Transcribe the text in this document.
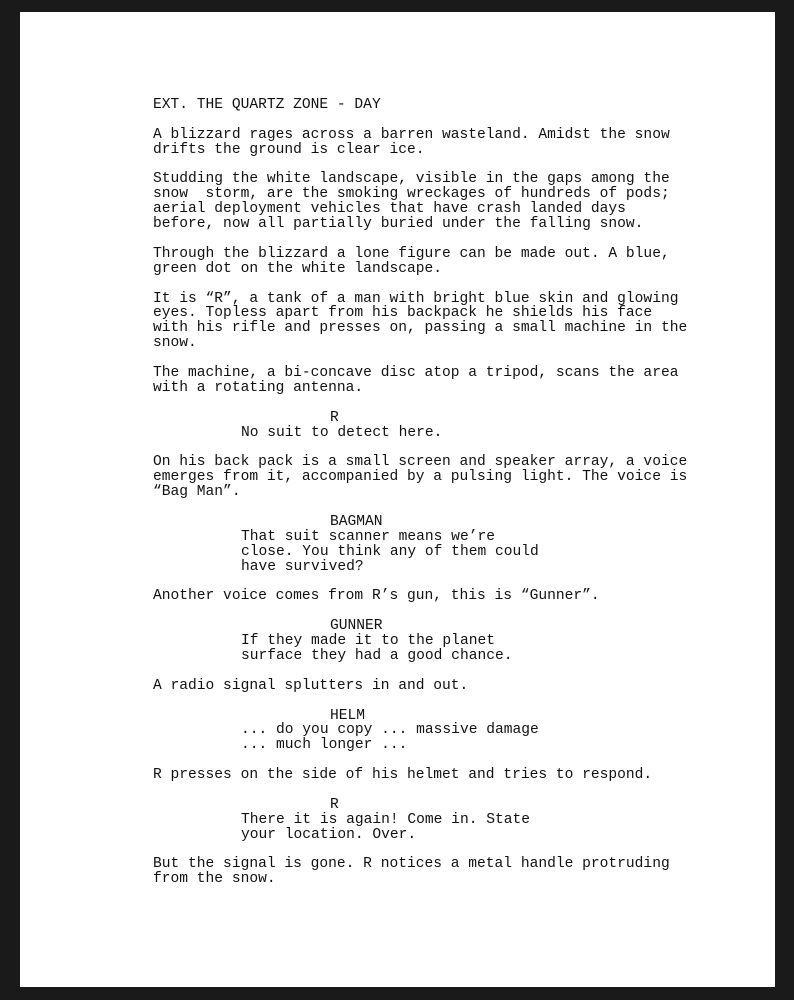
EXT. THE QUARTZ ZONE - DAY
A blizzard rages across a barren wasteland. Amidst the snow
drifts the ground is clear ice.
Studding the white landscape, visible in the gaps among the
snow  storm, are the smoking wreckages of hundreds of pods;
aerial deployment vehicles that have crash landed days
before, now all partially buried under the falling snow.
Through the blizzard a lone figure can be made out. A blue,
green dot on the white landscape.
It is “R”, a tank of a man with bright blue skin and glowing
eyes. Topless apart from his backpack he shields his face
with his rifle and presses on, passing a small machine in the
snow.
The machine, a bi-concave disc atop a tripod, scans the area
with a rotating antenna.
R
No suit to detect here.
On his back pack is a small screen and speaker array, a voice
emerges from it, accompanied by a pulsing light. The voice is
“Bag Man”.
BAGMAN
That suit scanner means we’re
close. You think any of them could
have survived?
Another voice comes from R’s gun, this is “Gunner”.
GUNNER
If they made it to the planet
surface they had a good chance.
A radio signal splutters in and out.
HELM
... do you copy ... massive damage
... much longer ...
R presses on the side of his helmet and tries to respond.
R
There it is again! Come in. State
your location. Over.
But the signal is gone. R notices a metal handle protruding
from the snow.
